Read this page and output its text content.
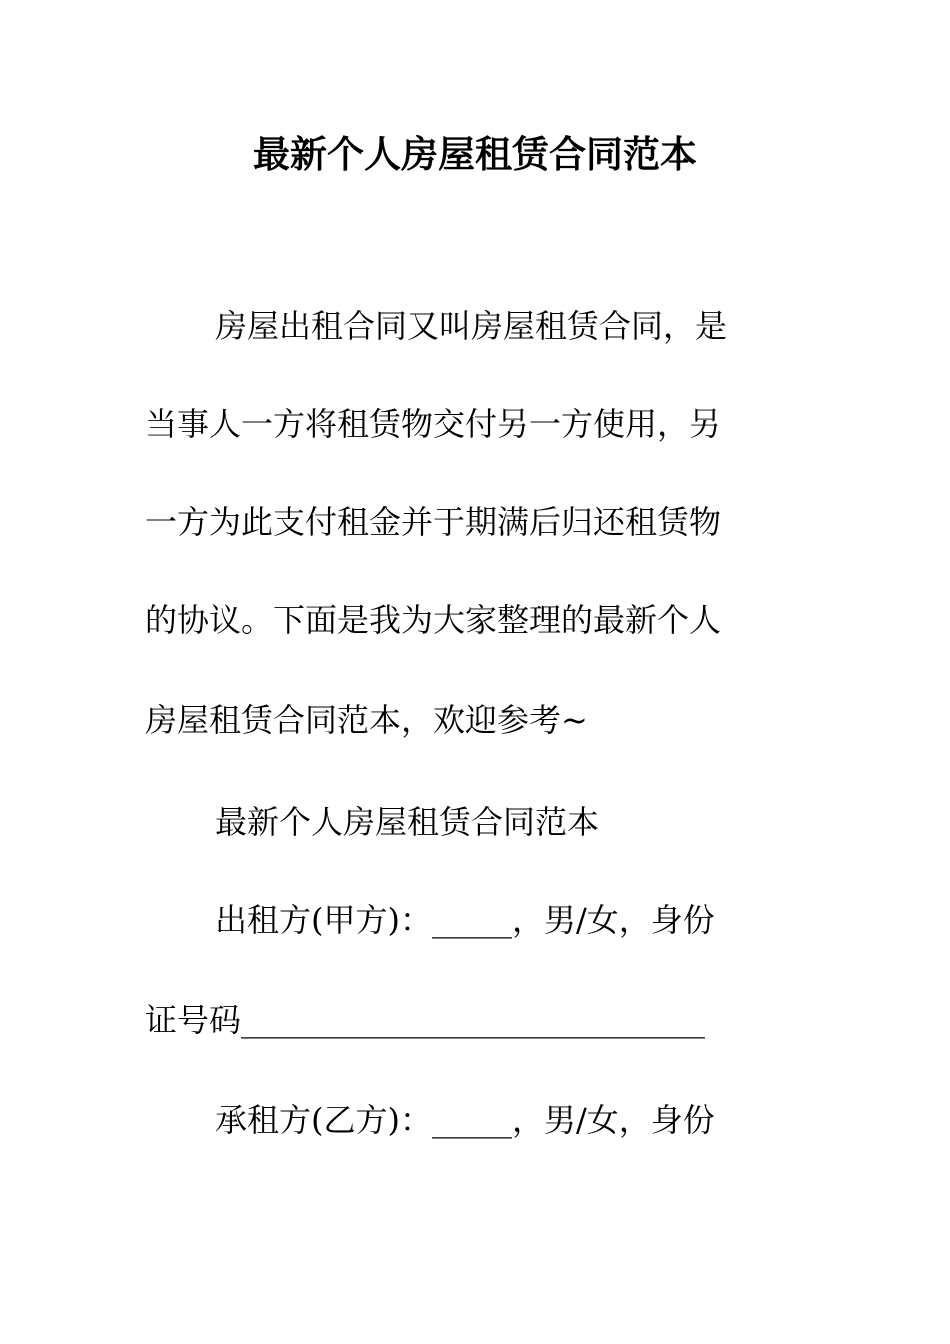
最新个人房屋租赁合同范本

房屋出租合同又叫房屋租赁合同，是

当事人一方将租赁物交付另一方使用，另

一方为此支付租金并于期满后归还租赁物

的协议。下面是我为大家整理的最新个人

房屋租赁合同范本，欢迎参考~

最新个人房屋租赁合同范本

出租方(甲方)：_____，男/女，身份

证号码_____________________________

承租方(乙方)：_____，男/女，身份
